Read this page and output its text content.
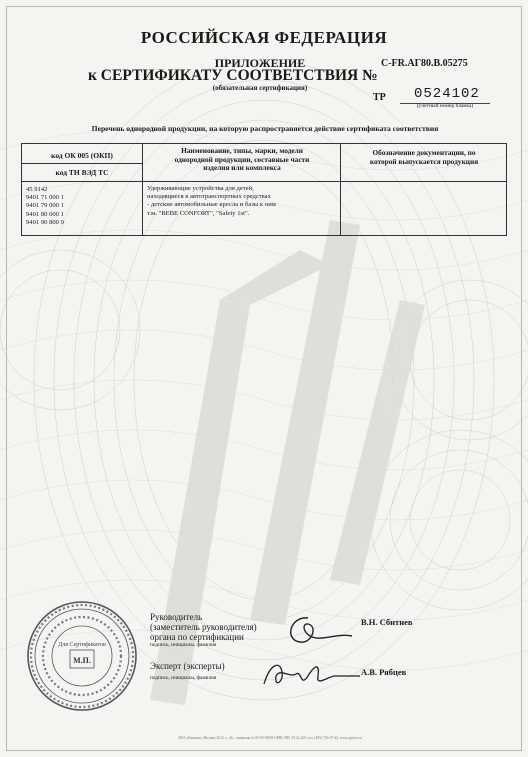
РОССИЙСКАЯ ФЕДЕРАЦИЯ
ПРИЛОЖЕНИЕ
к СЕРТИФИКАТУ СООТВЕТСТВИЯ №
C-FR.AГ80.B.05275
(обязательная сертификация)
ТР 0524102
(учетный номер бланка)
Перечень однородной продукции, на которую распространяется действие сертификата соответствия
код ОК 005 (ОКП)
код ТН ВЭД ТС
45 9142
9401 71 000 1
9401 79 000 1
9401 80 000 1
9401 90 800 9
Наименование, типы, марки, модели
однородной продукции, составные части
изделия или комплекса
Удерживающие устройства для детей,
находящиеся в автотранспортных средствах
- детские автомобильные кресла и базы к ним
т.м. "BEBE CONFORT", "Safety 1st".
Обозначение документации, по
которой выпускается продукция
Для Сертификатов
М.П.
Руководитель
(заместитель руководителя)
органа по сертификации
подпись, инициалы, фамилия
В.Н. Сбитнев
Эксперт (эксперты)
подпись, инициалы, фамилия
А.В. Рябцев
ЗАО «Опцион», Москва, 2012 г., «Б», лицензия № 05-05-09/003 ФНС РФ, ТЗ № 220, тел. (495) 726-47-42, www.opcion.ru
